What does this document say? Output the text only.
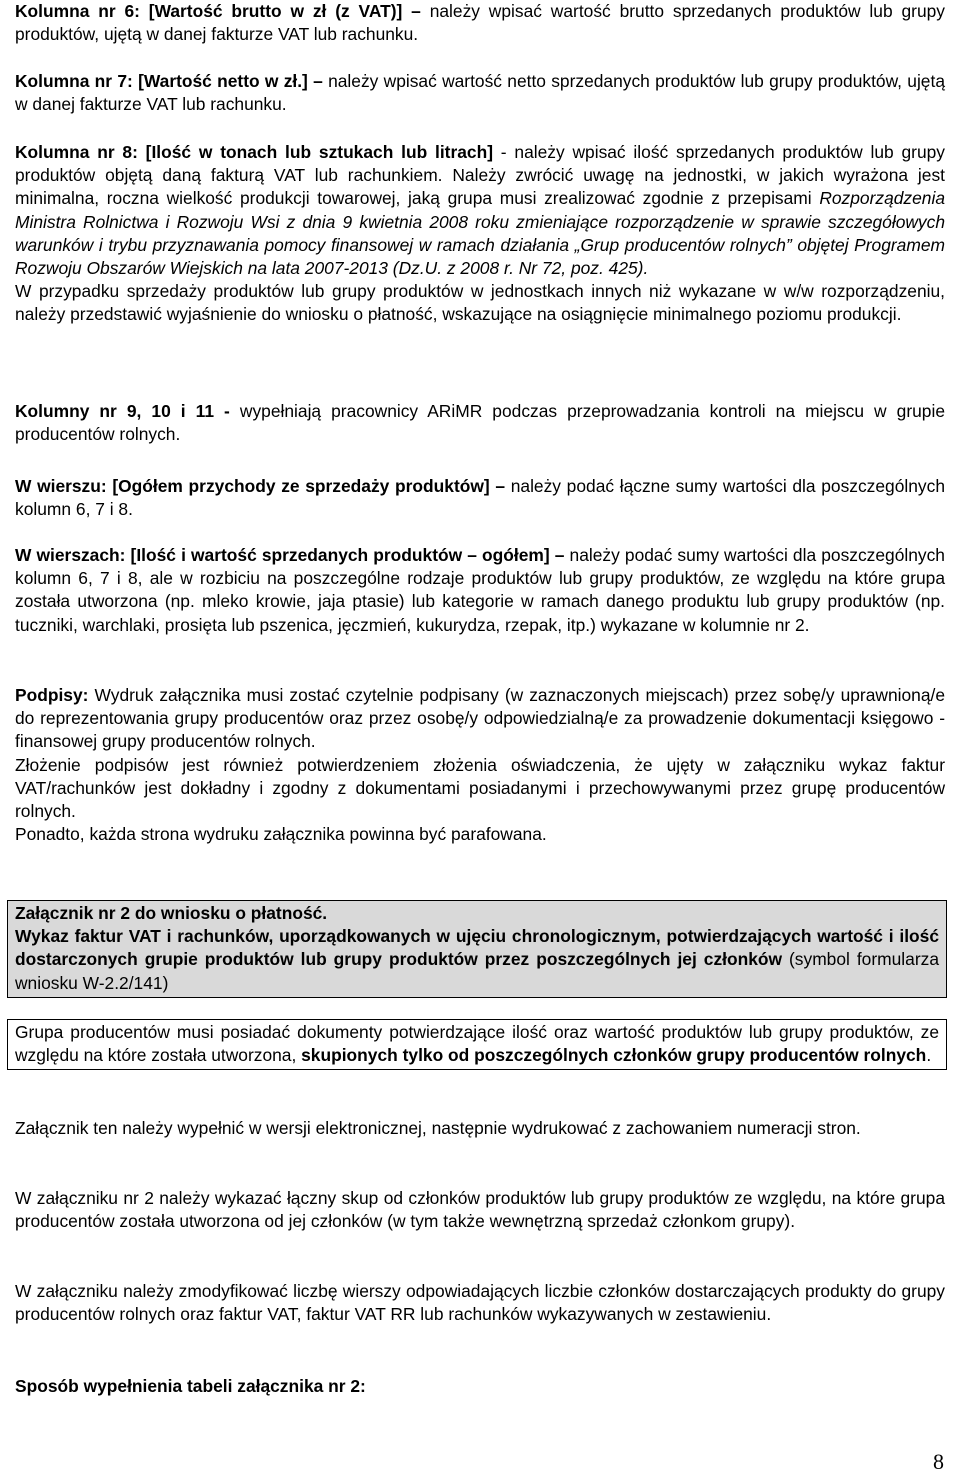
Kolumna nr 6: [Wartość brutto w zł (z VAT)] – należy wpisać wartość brutto sprzedanych produktów lub grupy produktów, ujętą w danej fakturze VAT lub rachunku.

Kolumna nr 7: [Wartość netto w zł.] – należy wpisać wartość netto sprzedanych produktów lub grupy produktów, ujętą w danej fakturze VAT lub rachunku.

Kolumna nr 8: [Ilość w tonach lub sztukach lub litrach] - należy wpisać ilość sprzedanych produktów lub grupy produktów objętą daną fakturą VAT lub rachunkiem. Należy zwrócić uwagę na jednostki, w jakich wyrażona jest minimalna, roczna wielkość produkcji towarowej, jaką grupa musi zrealizować zgodnie z przepisami Rozporządzenia Ministra Rolnictwa i Rozwoju Wsi z dnia 9 kwietnia 2008 roku zmieniające rozporządzenie w sprawie szczegółowych warunków i trybu przyznawania pomocy finansowej w ramach działania „Grup producentów rolnych” objętej Programem Rozwoju Obszarów Wiejskich na lata 2007-2013 (Dz.U. z 2008 r. Nr 72, poz. 425).
W przypadku sprzedaży produktów lub grupy produktów w jednostkach innych niż wykazane w w/w rozporządzeniu, należy przedstawić wyjaśnienie do wniosku o płatność, wskazujące na osiągnięcie minimalnego poziomu produkcji.

Kolumny nr 9, 10 i 11 - wypełniają pracownicy ARiMR podczas przeprowadzania kontroli na miejscu w grupie producentów rolnych.

W wierszu: [Ogółem przychody ze sprzedaży produktów] – należy podać łączne sumy wartości dla poszczególnych kolumn 6, 7 i 8.

W wierszach: [Ilość i wartość sprzedanych produktów – ogółem] – należy podać sumy wartości dla poszczególnych kolumn 6, 7 i 8, ale w rozbiciu na poszczególne rodzaje produktów lub grupy produktów, ze względu na które grupa została utworzona (np. mleko krowie, jaja ptasie) lub kategorie w ramach danego produktu lub grupy produktów (np. tuczniki, warchlaki, prosięta lub pszenica, jęczmień, kukurydza, rzepak, itp.) wykazane w kolumnie nr 2.

Podpisy: Wydruk załącznika musi zostać czytelnie podpisany (w zaznaczonych miejscach) przez sobę/y uprawnioną/e do reprezentowania grupy producentów oraz przez osobę/y odpowiedzialną/e za prowadzenie dokumentacji księgowo -finansowej grupy producentów rolnych.
Złożenie podpisów jest również potwierdzeniem złożenia oświadczenia, że ujęty w załączniku wykaz faktur VAT/rachunków jest dokładny i zgodny z dokumentami posiadanymi i przechowywanymi przez grupę producentów rolnych.
Ponadto, każda strona wydruku załącznika powinna być parafowana.

Załącznik nr 2 do wniosku o płatność.
Wykaz faktur VAT i rachunków, uporządkowanych w ujęciu chronologicznym, potwierdzających wartość i ilość dostarczonych grupie produktów lub grupy produktów przez poszczególnych jej członków (symbol formularza wniosku W-2.2/141)
Grupa producentów musi posiadać dokumenty potwierdzające ilość oraz wartość produktów lub grupy produktów, ze względu na które została utworzona, skupionych tylko od poszczególnych członków grupy producentów rolnych.

Załącznik ten należy wypełnić w wersji elektronicznej, następnie wydrukować z zachowaniem numeracji stron.

W załączniku nr 2 należy wykazać łączny skup od członków produktów lub grupy produktów ze względu, na które grupa producentów została utworzona od jej członków (w tym także wewnętrzną sprzedaż członkom grupy).

W załączniku należy zmodyfikować liczbę wierszy odpowiadających liczbie członków dostarczających produkty do grupy producentów rolnych oraz faktur VAT, faktur VAT RR lub rachunków wykazywanych w zestawieniu.

Sposób wypełnienia tabeli załącznika nr 2:

8
